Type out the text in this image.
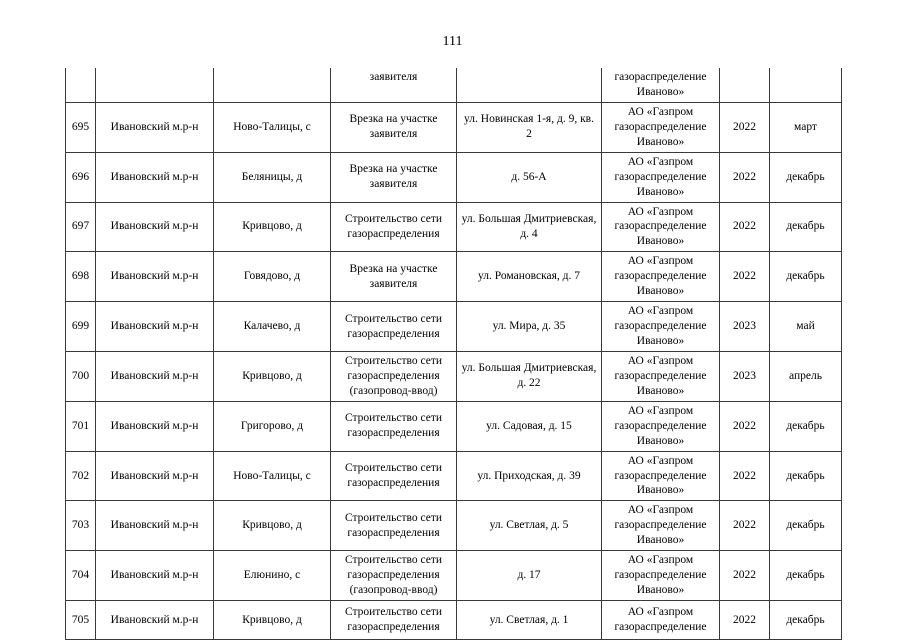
111
			заявителя		газораспределение Иваново»		
695	Ивановский м.р-н	Ново-Талицы, с	Врезка на участке заявителя	ул. Новинская 1-я, д. 9, кв. 2	АО «Газпром газораспределение Иваново»	2022	март
696	Ивановский м.р-н	Беляницы, д	Врезка на участке заявителя	д. 56-А	АО «Газпром газораспределение Иваново»	2022	декабрь
697	Ивановский м.р-н	Кривцово, д	Строительство сети газораспределения	ул. Большая Дмитриевская, д. 4	АО «Газпром газораспределение Иваново»	2022	декабрь
698	Ивановский м.р-н	Говядово, д	Врезка на участке заявителя	ул. Романовская, д. 7	АО «Газпром газораспределение Иваново»	2022	декабрь
699	Ивановский м.р-н	Калачево, д	Строительство сети газораспределения	ул. Мира, д. 35	АО «Газпром газораспределение Иваново»	2023	май
700	Ивановский м.р-н	Кривцово, д	Строительство сети газораспределения (газопровод-ввод)	ул. Большая Дмитриевская, д. 22	АО «Газпром газораспределение Иваново»	2023	апрель
701	Ивановский м.р-н	Григорово, д	Строительство сети газораспределения	ул. Садовая, д. 15	АО «Газпром газораспределение Иваново»	2022	декабрь
702	Ивановский м.р-н	Ново-Талицы, с	Строительство сети газораспределения	ул. Приходская, д. 39	АО «Газпром газораспределение Иваново»	2022	декабрь
703	Ивановский м.р-н	Кривцово, д	Строительство сети газораспределения	ул. Светлая, д. 5	АО «Газпром газораспределение Иваново»	2022	декабрь
704	Ивановский м.р-н	Елюнино, с	Строительство сети газораспределения (газопровод-ввод)	д. 17	АО «Газпром газораспределение Иваново»	2022	декабрь
705	Ивановский м.р-н	Кривцово, д	Строительство сети газораспределения	ул. Светлая, д. 1	АО «Газпром газораспределение	2022	декабрь
